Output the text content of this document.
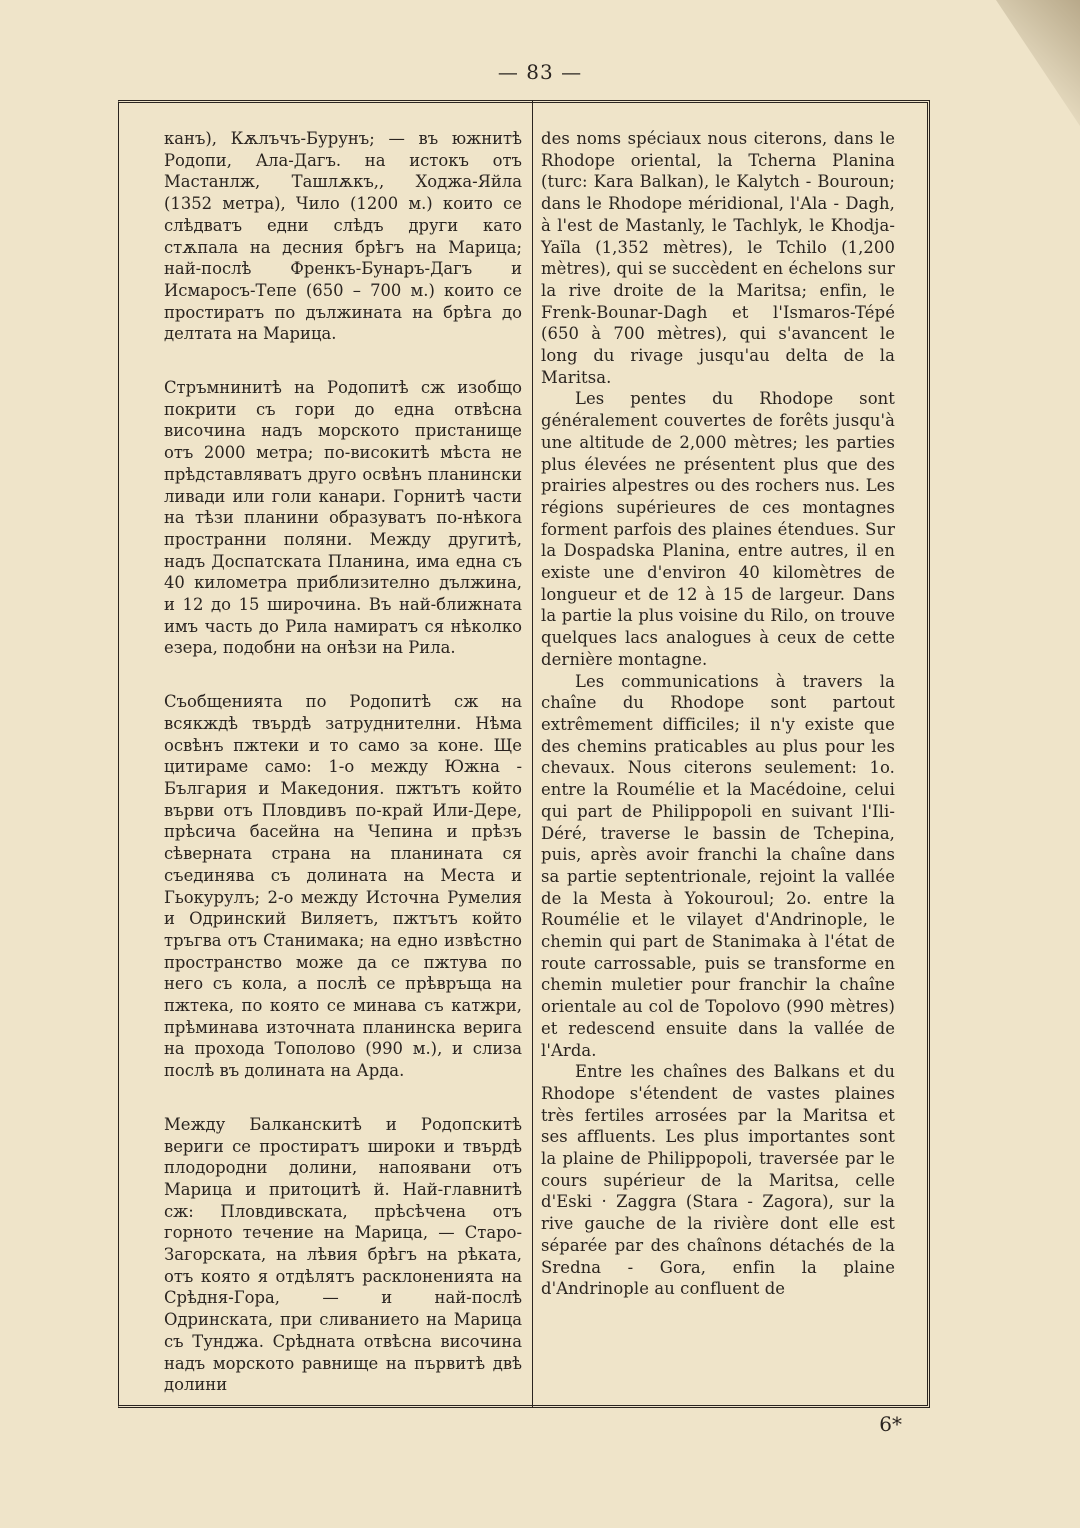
— 83 —

канъ), Кѫлъчъ-Бурунъ; — въ южнитѣ Родопи, Ала-Дагъ. на истокъ отъ Мастанлж, Ташлѫкъ,, Ходжа-Яйла (1352 метра), Чило (1200 м.) които се слѣдватъ едни слѣдъ други като стѫпала на десния брѣгъ на Марица; най-послѣ Френкъ-Бунаръ-Дагъ и Исмаросъ-Тепе (650 – 700 м.) които се простиратъ по дължината на брѣга до делтата на Марица.

Стръмнинитѣ на Родопитѣ сж изобщо покрити съ гори до една отвѣсна височина надъ морското пристанище отъ 2000 метра; по-високитѣ мѣста не прѣдставляватъ друго освѣнъ планински ливади или голи канари. Горнитѣ части на тѣзи планини образуватъ по-нѣкога пространни поляни. Между другитѣ, надъ Доспатската Планина, има една съ 40 километра приблизително дължина, и 12 до 15 широчина. Въ най-ближната имъ часть до Рила намиратъ ся нѣколко езера, подобни на онѣзи на Рила.

Съобщенията по Родопитѣ сж на всякждѣ твърдѣ затруднителни. Нѣма освѣнъ пжтеки и то само за коне. Ще цитираме само: 1-о между Южна - България и Македония. пжтътъ който върви отъ Пловдивъ по-край Или-Дере, прѣсича басейна на Чепина и прѣзъ сѣверната страна на планината ся съединява съ долината на Места и Гьокурулъ; 2-о между Источна Румелия и Одринский Виляетъ, пжтътъ който тръгва отъ Станимака; на едно извѣстно пространство може да се пжтува по него съ кола, а послѣ се прѣвръща на пжтека, по която се минава съ катжри, прѣминава източната планинска верига на прохода Тополово (990 м.), и слиза послѣ въ долината на Арда.

Между Балканскитѣ и Родопскитѣ вериги се простиратъ широки и твърдѣ плодородни долини, напоявани отъ Марица и притоцитѣ й. Най-главнитѣ сж: Пловдивската, прѣсѣчена отъ горното течение на Марица, — Старо-Загорската, на лѣвия брѣгъ на рѣката, отъ която я отдѣлятъ расклоненията на Срѣдня-Гора, — и най-послѣ Одринската, при сливанието на Марица съ Тунджа. Срѣдната отвѣсна височина надъ морското равнище на първитѣ двѣ долини

des noms spéciaux nous citerons, dans le Rhodope oriental, la Tcherna Planina (turc: Kara Balkan), le Kalytch - Bouroun; dans le Rhodope méridional, l'Ala - Dagh, à l'est de Mastanly, le Tachlyk, le Khodja-Yaïla (1,352 mètres), le Tchilo (1,200 mètres), qui se succèdent en échelons sur la rive droite de la Maritsa; enfin, le Frenk-Bounar-Dagh et l'Ismaros-Tépé (650 à 700 mètres), qui s'avancent le long du rivage jusqu'au delta de la Maritsa.

Les pentes du Rhodope sont généralement couvertes de forêts jusqu'à une altitude de 2,000 mètres; les parties plus élevées ne présentent plus que des prairies alpestres ou des rochers nus. Les régions supérieures de ces montagnes forment parfois des plaines étendues. Sur la Dospadska Planina, entre autres, il en existe une d'environ 40 kilomètres de longueur et de 12 à 15 de largeur. Dans la partie la plus voisine du Rilo, on trouve quelques lacs analogues à ceux de cette dernière montagne.

Les communications à travers la chaîne du Rhodope sont partout extrêmement difficiles; il n'y existe que des chemins praticables au plus pour les chevaux. Nous citerons seulement: 1o. entre la Roumélie et la Macédoine, celui qui part de Philippopoli en suivant l'Ili-Déré, traverse le bassin de Tchepina, puis, après avoir franchi la chaîne dans sa partie septentrionale, rejoint la vallée de la Mesta à Yokouroul; 2o. entre la Roumélie et le vilayet d'Andrinople, le chemin qui part de Stanimaka à l'état de route carrossable, puis se transforme en chemin muletier pour franchir la chaîne orientale au col de Topolovo (990 mètres) et redescend ensuite dans la vallée de l'Arda.

Entre les chaînes des Balkans et du Rhodope s'étendent de vastes plaines très fertiles arrosées par la Maritsa et ses affluents. Les plus importantes sont la plaine de Philippopoli, traversée par le cours supérieur de la Maritsa, celle d'Eski · Zaggra (Stara - Zagora), sur la rive gauche de la rivière dont elle est séparée par des chaînons détachés de la Sredna - Gora, enfin la plaine d'Andrinople au confluent de

6*
